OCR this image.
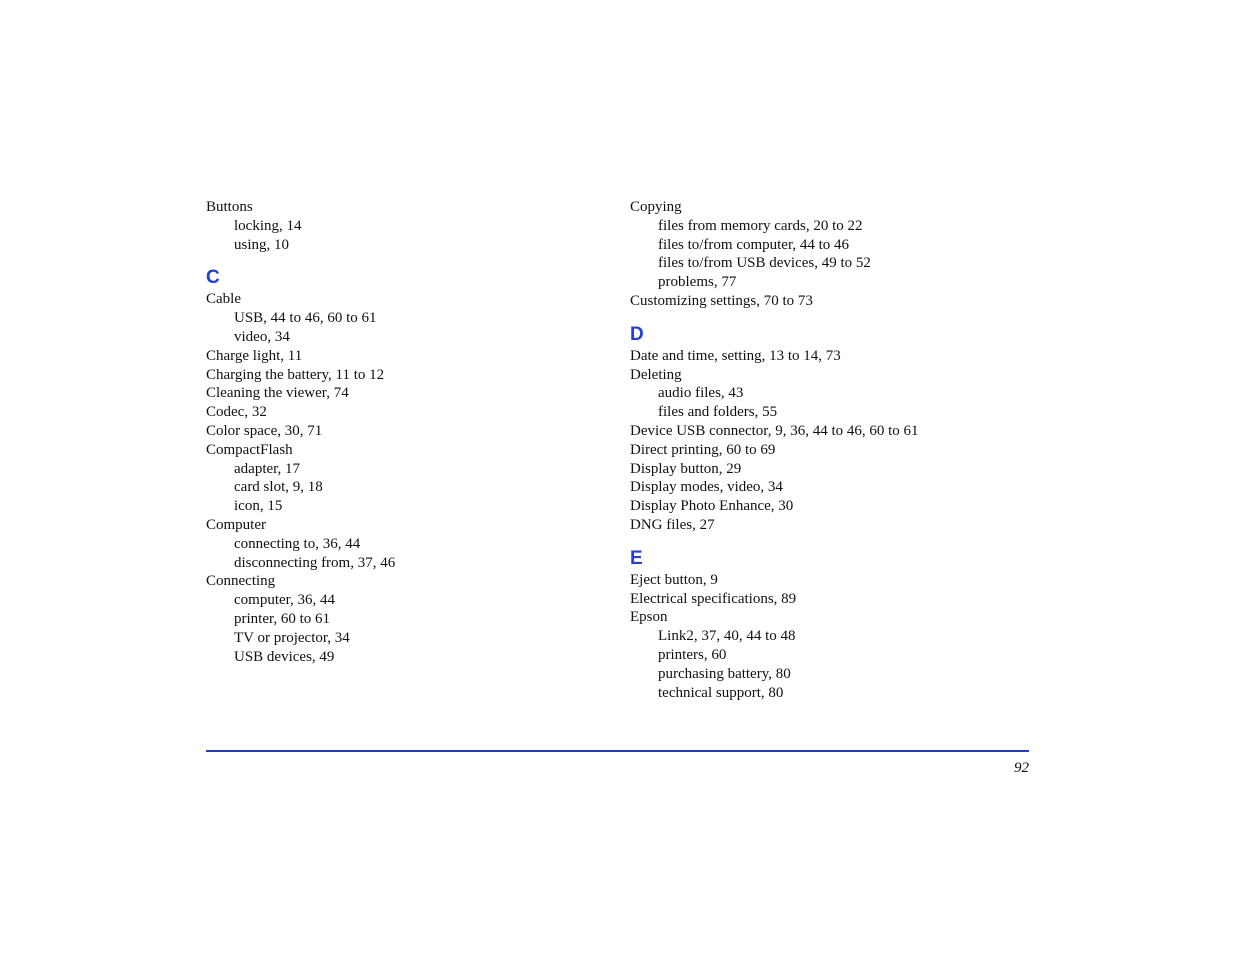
Buttons
locking, 14
using, 10
C
Cable
USB, 44 to 46, 60 to 61
video, 34
Charge light, 11
Charging the battery, 11 to 12
Cleaning the viewer, 74
Codec, 32
Color space, 30, 71
CompactFlash
adapter, 17
card slot, 9, 18
icon, 15
Computer
connecting to, 36, 44
disconnecting from, 37, 46
Connecting
computer, 36, 44
printer, 60 to 61
TV or projector, 34
USB devices, 49
Copying
files from memory cards, 20 to 22
files to/from computer, 44 to 46
files to/from USB devices, 49 to 52
problems, 77
Customizing settings, 70 to 73
D
Date and time, setting, 13 to 14, 73
Deleting
audio files, 43
files and folders, 55
Device USB connector, 9, 36, 44 to 46, 60 to 61
Direct printing, 60 to 69
Display button, 29
Display modes, video, 34
Display Photo Enhance, 30
DNG files, 27
E
Eject button, 9
Electrical specifications, 89
Epson
Link2, 37, 40, 44 to 48
printers, 60
purchasing battery, 80
technical support, 80
92
